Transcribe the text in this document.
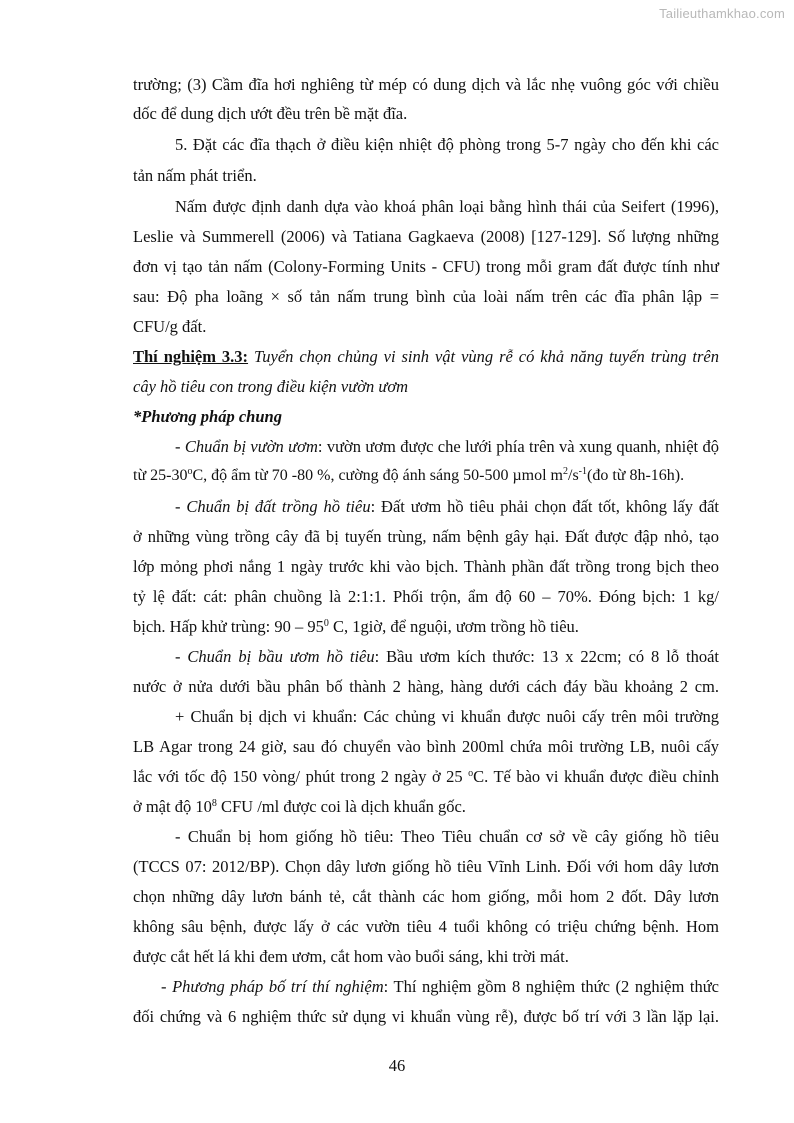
Tailieuthamkhao.com
trường; (3) Cầm đĩa hơi nghiêng từ mép có dung dịch và lắc nhẹ vuông góc với chiều
dốc để dung dịch ướt đều trên bề mặt đĩa.
5. Đặt các đĩa thạch ở điều kiện nhiệt độ phòng trong 5-7 ngày cho đến khi các
tản nấm phát triển.
Nấm được định danh dựa vào khoá phân loại bằng hình thái của Seifert (1996),
Leslie và Summerell (2006) và Tatiana Gagkaeva (2008) [127-129]. Số lượng những
đơn vị tạo tản nấm (Colony-Forming Units - CFU) trong mỗi gram đất được tính như
sau: Độ pha loãng × số tản nấm trung bình của loài nấm trên các đĩa phân lập =
CFU/g đất.
Thí nghiệm 3.3: Tuyển chọn chủng vi sinh vật vùng rễ có khả năng tuyến trùng trên
cây hồ tiêu con trong điều kiện vườn ươm
*Phương pháp chung
- Chuẩn bị vườn ươm: vườn ươm được che lưới phía trên và xung quanh, nhiệt độ
từ 25-30$^o$C, độ ẩm từ 70 -80 %, cường độ ánh sáng 50-500 µmol $m^2/s^{-1}(đo$ từ 8h-16h).
- Chuẩn bị đất trồng hồ tiêu: Đất ươm hồ tiêu phải chọn đất tốt, không lấy đất
ở những vùng trồng cây đã bị tuyến trùng, nấm bệnh gây hại. Đất được đập nhỏ, tạo
lớp mỏng phơi nắng 1 ngày trước khi vào bịch. Thành phần đất trồng trong bịch theo
tỷ lệ đất: cát: phân chuồng là 2:1:1. Phối trộn, ẩm độ 60 – 70%. Đóng bịch: 1 kg/
bịch. Hấp khử trùng: $90 - 95^0$ C, 1giờ, để nguội, ươm trồng hồ tiêu.
- Chuẩn bị bầu ươm hồ tiêu: Bầu ươm kích thước: 13 x 22cm; có 8 lỗ thoát
nước ở nửa dưới bầu phân bố thành 2 hàng, hàng dưới cách đáy bầu khoảng 2 cm.
+ Chuẩn bị dịch vi khuẩn: Các chủng vi khuẩn được nuôi cấy trên môi trường
LB Agar trong 24 giờ, sau đó chuyển vào bình 200ml chứa môi trường LB, nuôi cấy
lắc với tốc độ 150 vòng/ phút trong 2 ngày ở 25 $^o$C. Tế bào vi khuẩn được điều chỉnh
ở mật độ $10^8$ CFU /ml được coi là dịch khuẩn gốc.
- Chuẩn bị hom giống hồ tiêu: Theo Tiêu chuẩn cơ sở về cây giống hồ tiêu
(TCCS 07: 2012/BP). Chọn dây lươn giống hồ tiêu Vĩnh Linh. Đối với hom dây lươn
chọn những dây lươn bánh tẻ, cắt thành các hom giống, mỗi hom 2 đốt. Dây lươn
không sâu bệnh, được lấy ở các vườn tiêu 4 tuổi không có triệu chứng bệnh. Hom
được cắt hết lá khi đem ươm, cắt hom vào buổi sáng, khi trời mát.
- Phương pháp bố trí thí nghiệm: Thí nghiệm gồm 8 nghiệm thức (2 nghiệm thức
đối chứng và 6 nghiệm thức sử dụng vi khuẩn vùng rễ), được bố trí với 3 lần lặp lại.
46
